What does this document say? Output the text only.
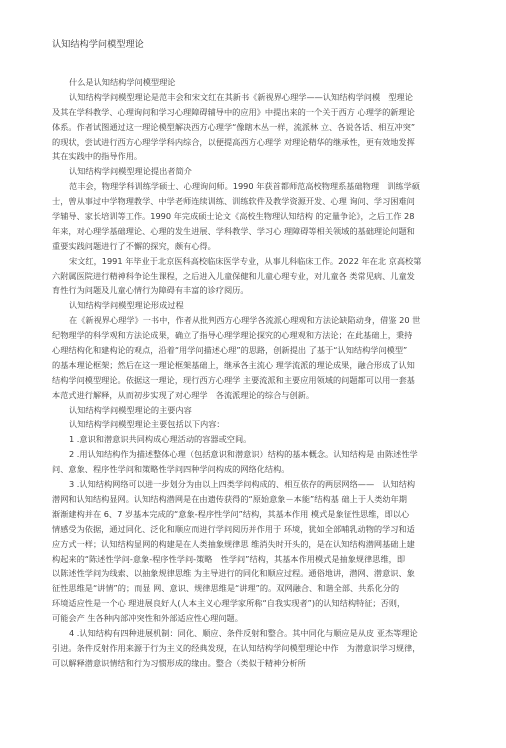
认知结构学问模型理论
什么是认知结构学问模型理论
认知结构学问模型理论是范丰会和宋文红在其新书《新视界心理学——认知结构学问模　型理论
及其在学科教学、心理询问和学习心理障碍辅导中的应用》中提出来的一个关于西方 心理学的新理论
体系。作者试图通过这一理论模型解决西方心理学“像瞎木丛一样，流派林 立、各说各话、相互冲突”
的现状，尝试进行西方心理学学科内综合，以便提高西方心理学 对理论精华的继承性，更有效地发挥
其在实践中的指导作用。
认知结构学问模型理论提出者简介
范丰会，物理学科训练学硕士、心理询问师。1990 年获首都师范高校物理系基础物理　训练学硕
士，曾从事过中学物理教学、中学老师连续训练、训练软件及教学资源开发、心理 询问、学习困难问
学辅导、家长培训等工作。1990 年完成硕士论文《高校生物理认知结构 的定量争论》，之后工作 28
年来，对心理学基础理论、心理的发生进展、学科教学、学习心 理障碍等相关领域的基础理论问题和
重要实践问题进行了不懈的探究，颇有心得。
宋文红，1991 年毕业于北京医科高校临床医学专业，从事儿科临床工作。2022 年在北 京高校第
六附属医院进行精神科争论生课程，之后进入儿童保健和儿童心理专业，对儿童各 类常见病、儿童发
育性行为问题及儿童心情行为障碍有丰富的诊疗阅历。
认知结构学问模型理论形成过程
在《新视界心理学》一书中，作者从批判西方心理学各流派心理观和方法论缺陷动身，借鉴 20 世
纪物理学的科学观和方法论成果，确立了指导心理学理论探究的心理观和方法论；在此基础上，秉持
心理结构化和建构论的观点，沿着“用学问描述心理”的思路，创新提出 了基于“认知结构学问模型”
的基本理论框架；然后在这一理论框架基础上，继承各主流心 理学流派的理论成果，融合形成了认知
结构学问模型理论。依据这一理论，现行西方心理学 主要流派和主要应用领域的问题都可以用一套基
本范式进行解释，从而初步实现了对心理学　各流派理论的综合与创新。
认知结构学问模型理论的主要内容
认知结构学问模型理论主要包括以下内容：
1 .意识和潜意识共同构成心理活动的容器或空间。
2 .用认知结构作为描述整体心理（包括意识和潜意识）结构的基本概念。认知结构是 由陈述性学
问、意象、程序性学问和策略性学问四种学问构成的网络化结构。
3 .认知结构网络可以进一步划分为由以上四类学问构成的、相互依存的两层网络——　认知结构
潜网和认知结构显网。认知结构潜网是在由遗传获得的“原始意象－本能”结构基 础上于人类幼年期
渐渐建构并在 6、7 岁基本完成的“意象-程序性学问”结构，其基本作用 模式是象征性思维，即以心
情感受为依据，通过同化、泛化和顺应而进行学问阅历并作用于 环境，犹如全部哺乳动物的学习和适
应方式一样；认知结构显网的构建是在人类抽象规律思 维消失时开头的，是在认知结构潜网基础上建
构起来的“陈述性学问-意象-程序性学问-策略　性学问”结构，其基本作用模式是抽象规律思维，即
以陈述性学问为线索、以抽象规律思维 为主导进行的同化和顺应过程。通俗地讲，潜网、潜意识、象
征性思维是“讲情”的；而显 网、意识、规律思维是“讲理”的。双网融合、和谐全部、共系化分的
环境适应性是一个心 理进展良好人(人本主义心理学家所称“自我实现者”)的认知结构特征；否则，
可能会产 生各种内部冲突性和外部适应性心理问题。
4 .认知结构有四种进展机制：同化、顺应、条件反射和整合。其中同化与顺应是从皮 亚杰等理论
引进。条件反射作用来源于行为主义的经典发现，在认知结构学问模型理论中作　为潜意识学习规律，
可以解释潜意识情结和行为习惯形成的缘由。整合（类似于精神分析所
